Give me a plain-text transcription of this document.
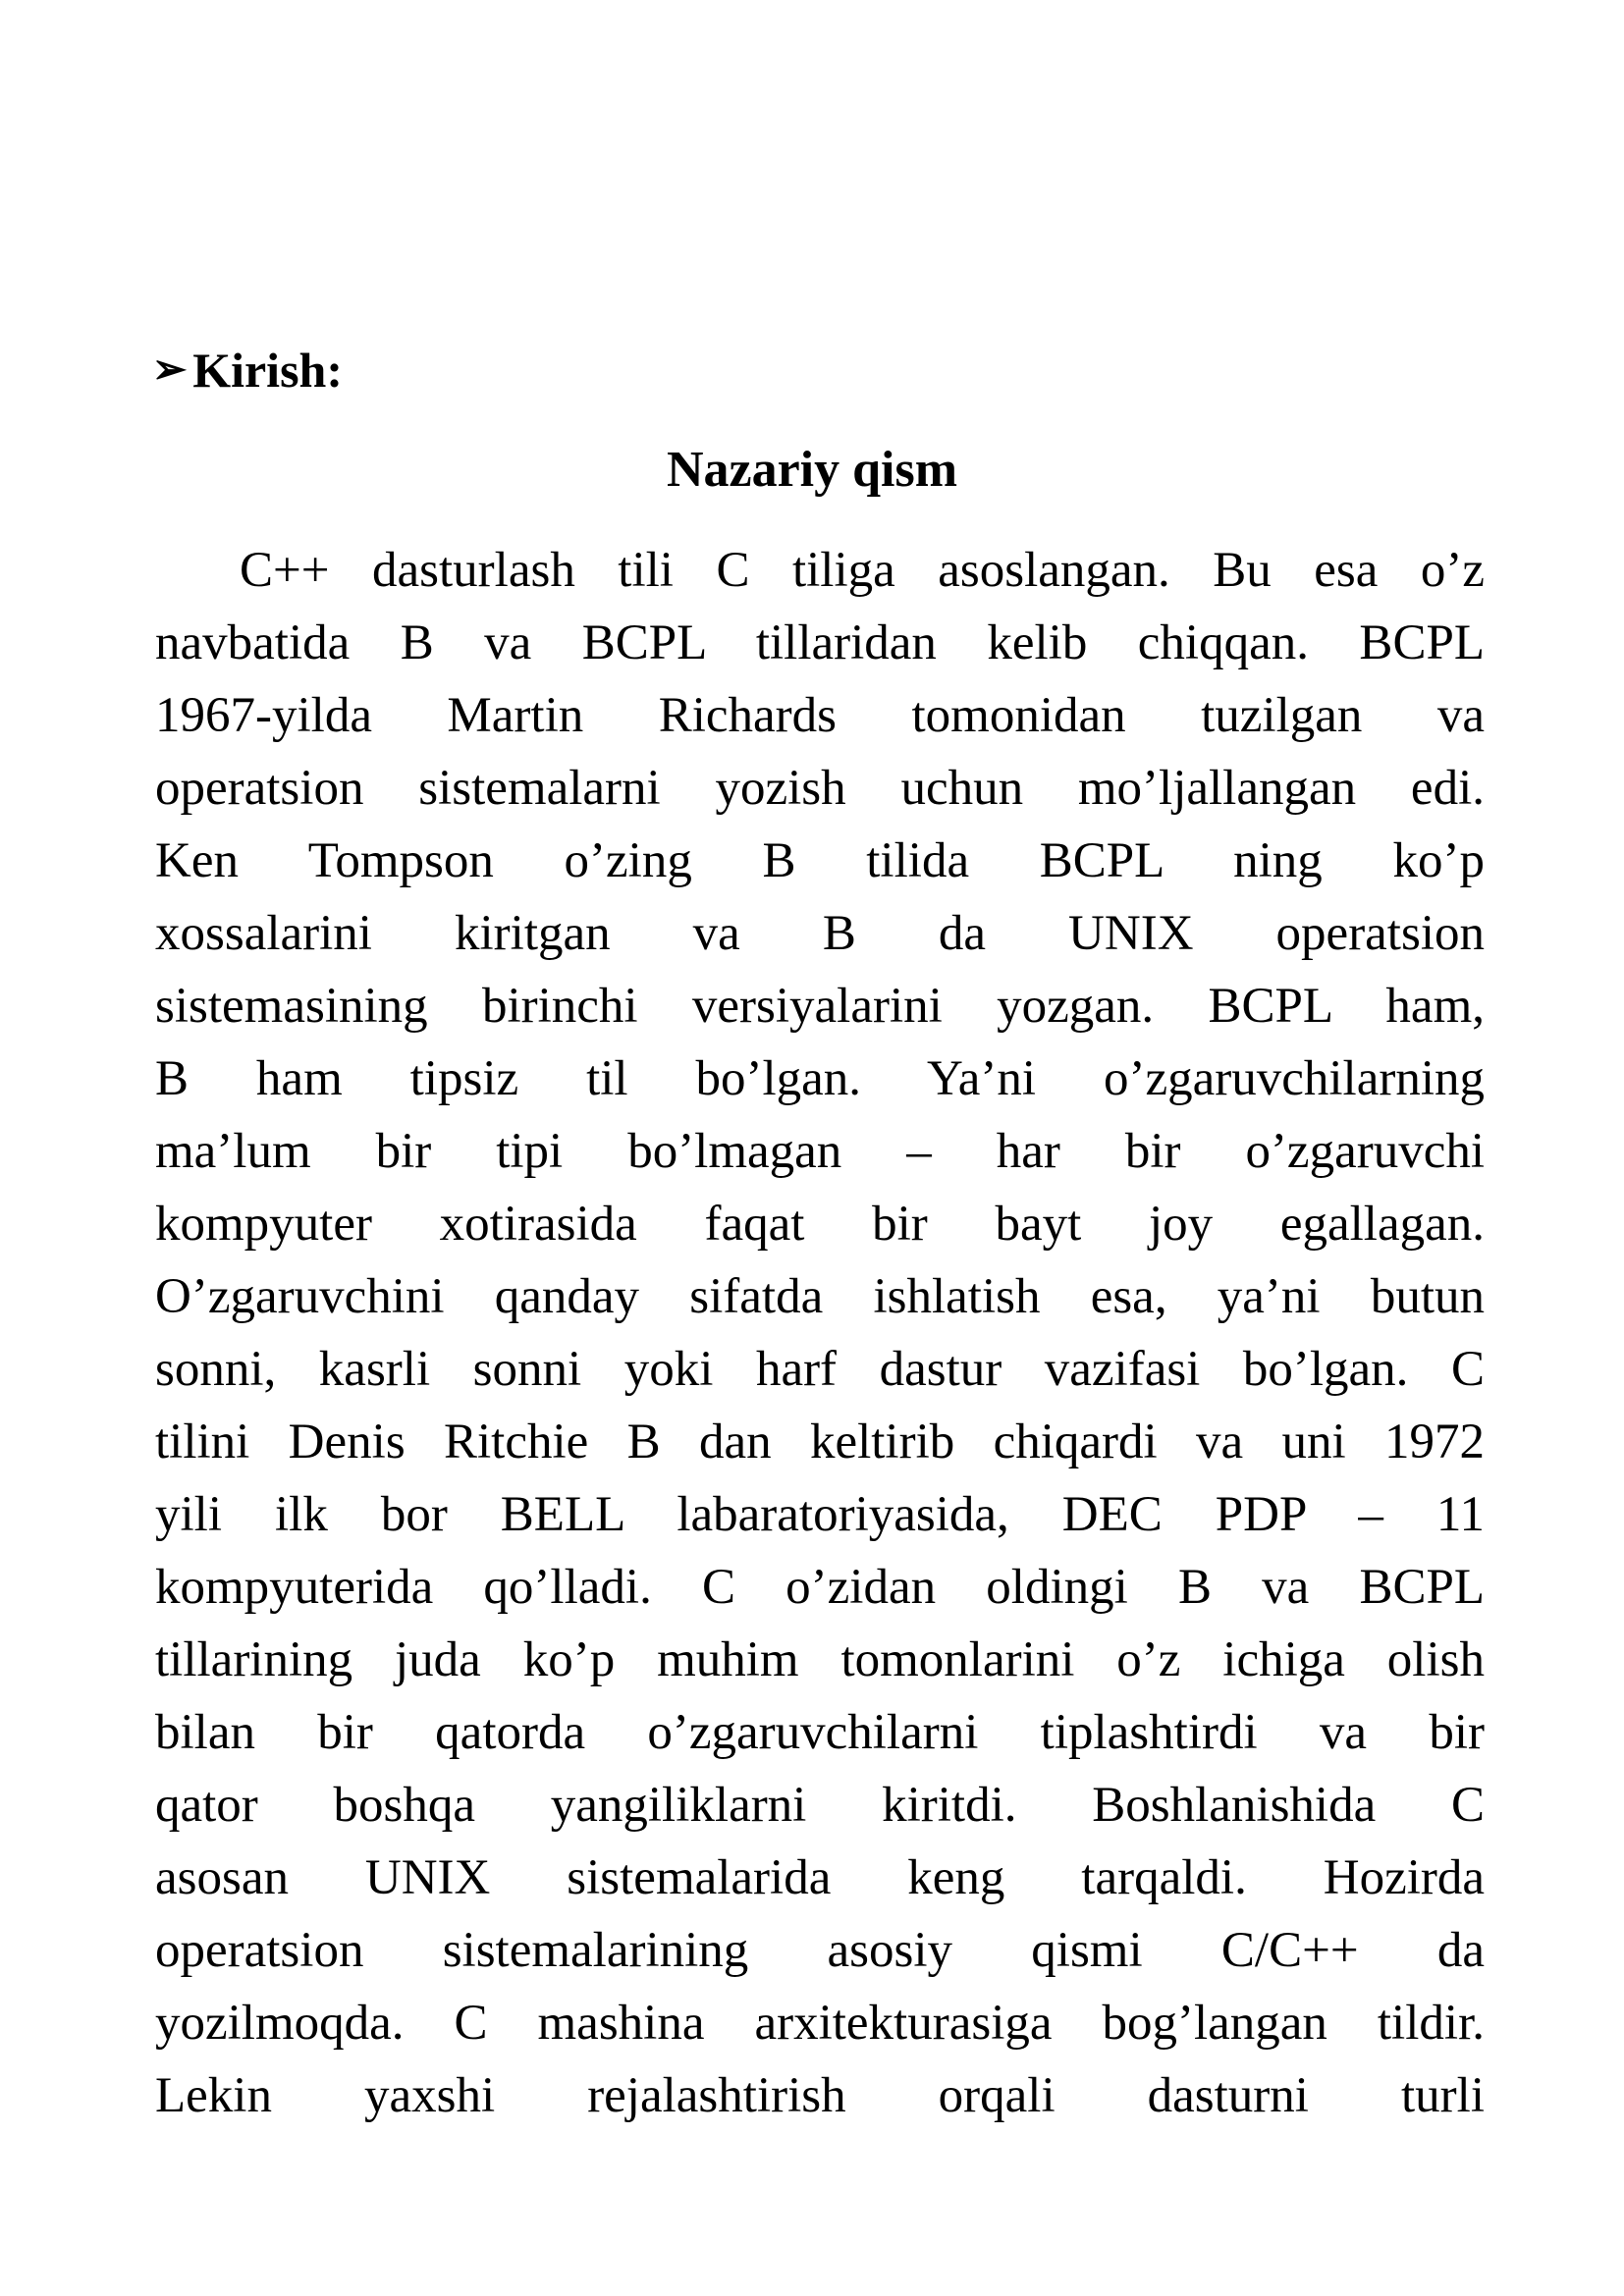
➢ Kirish:
Nazariy qism
C++ dasturlash tili C tiliga asoslangan. Bu esa o’z
navbatida B va BCPL tillaridan kelib chiqqan. BCPL
1967-yilda Martin Richards tomonidan tuzilgan va
operatsion sistemalarni yozish uchun mo’ljallangan edi.
Ken Tompson o’zing B tilida BCPL ning ko’p
xossalarini kiritgan va B da UNIX operatsion
sistemasining birinchi versiyalarini yozgan. BCPL ham,
B ham tipsiz til bo’lgan. Ya’ni o’zgaruvchilarning
ma’lum bir tipi bo’lmagan – har bir o’zgaruvchi
kompyuter xotirasida faqat bir bayt joy egallagan.
O’zgaruvchini qanday sifatda ishlatish esa, ya’ni butun
sonni, kasrli sonni yoki harf dastur vazifasi bo’lgan. C
tilini Denis Ritchie B dan keltirib chiqardi va uni 1972
yili ilk bor BELL labaratoriyasida, DEC PDP – 11
kompyuterida qo’lladi. C o’zidan oldingi B va BCPL
tillarining juda ko’p muhim tomonlarini o’z ichiga olish
bilan bir qatorda o’zgaruvchilarni tiplashtirdi va bir
qator boshqa yangiliklarni kiritdi. Boshlanishida C
asosan UNIX sistemalarida keng tarqaldi. Hozirda
operatsion sistemalarining asosiy qismi C/C++ da
yozilmoqda. C mashina arxitekturasiga bog’langan tildir.
Lekin yaxshi rejalashtirish orqali dasturni turli
